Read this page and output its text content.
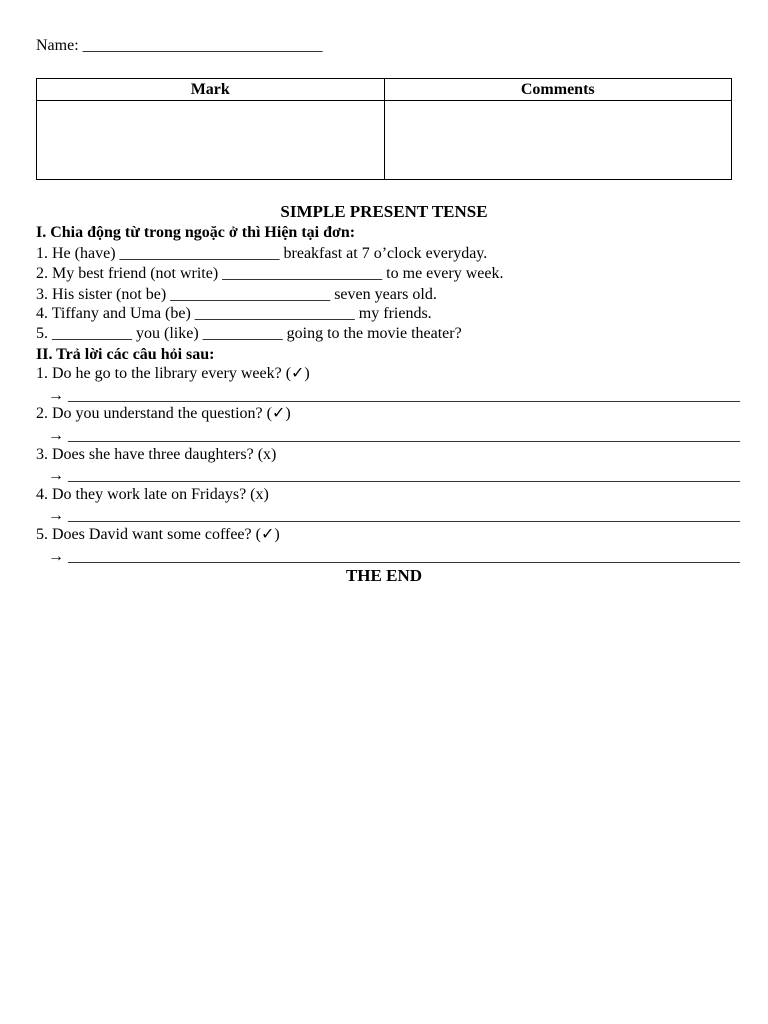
Name: ______________________________
Mark	Comments

SIMPLE PRESENT TENSE
I. Chia động từ trong ngoặc ở thì Hiện tại đơn:
1. He (have) ____________________ breakfast at 7 o’clock everyday.
2. My best friend (not write) ____________________ to me every week.
3. His sister (not be) ____________________ seven years old.
4. Tiffany and Uma (be) ____________________ my friends.
5. __________ you (like) __________ going to the movie theater?
II. Trả lời các câu hỏi sau:
1. Do he go to the library every week? (✓)
→ ____________________________________________________________________________________
2. Do you understand the question? (✓)
→ ____________________________________________________________________________________
3. Does she have three daughters? (x)
→ ____________________________________________________________________________________
4. Do they work late on Fridays? (x)
→ ____________________________________________________________________________________
5. Does David want some coffee? (✓)
→ ____________________________________________________________________________________
THE END
